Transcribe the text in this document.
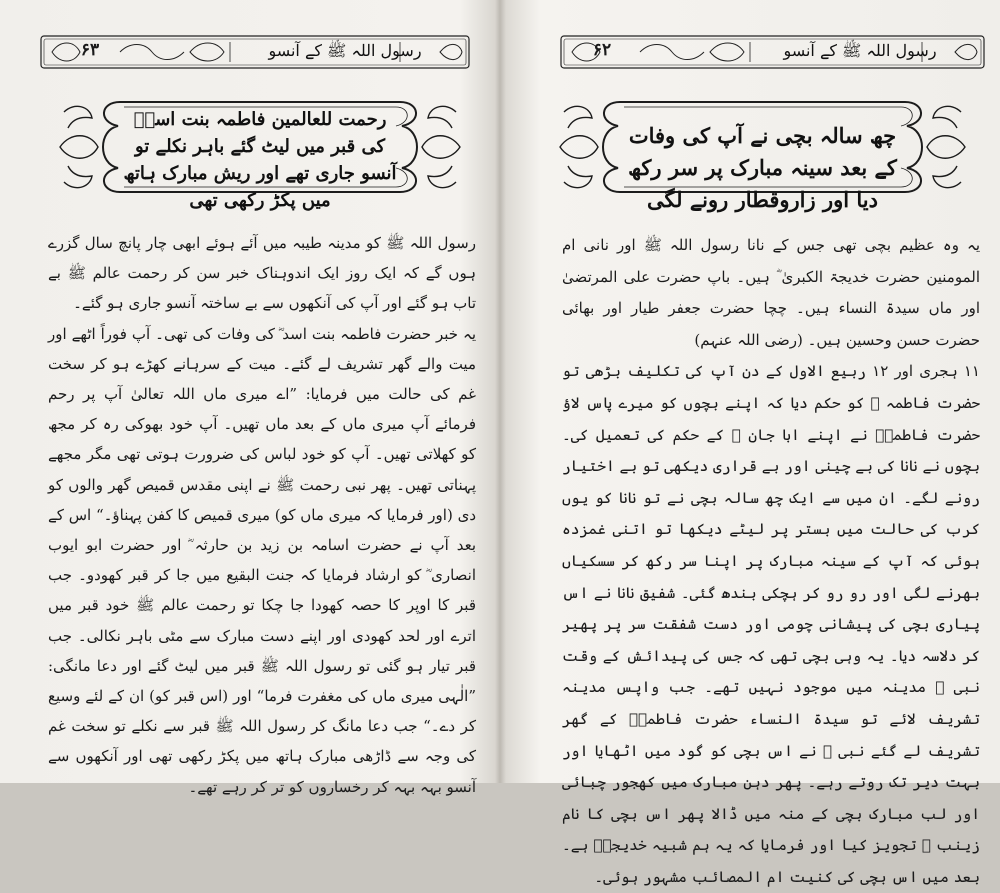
۶۳	رسول اللہ ﷺ کے آنسو
رحمت للعالمین فاطمہ بنت اسدؓ کی قبر میں لیٹ گئے باہر نکلے تو آنسو جاری تھے اور ریش مبارک ہاتھ میں پکڑ رکھی تھی

رسول اللہ ﷺ کو مدینہ طیبہ میں آئے ہوئے ابھی چار پانچ سال گزرے ہوں گے کہ ایک روز ایک اندوہناک خبر سن کر رحمت عالم ﷺ بے تاب ہو گئے اور آپ کی آنکھوں سے بے ساختہ آنسو جاری ہو گئے۔

یہ خبر حضرت فاطمہ بنت اسد ؓ کی وفات کی تھی۔ آپ فوراً اٹھے اور میت والے گھر تشریف لے گئے۔ میت کے سرہانے کھڑے ہو کر سخت غم کی حالت میں فرمایا: ”اے میری ماں اللہ تعالیٰ آپ پر رحم فرمائے آپ میری ماں کے بعد ماں تھیں۔ آپ خود بھوکی رہ کر مجھ کو کھلاتی تھیں۔ آپ کو خود لباس کی ضرورت ہوتی تھی مگر مجھے پہناتی تھیں۔ پھر نبی رحمت ﷺ نے اپنی مقدس قمیص گھر والوں کو دی (اور فرمایا کہ میری ماں کو) میری قمیص کا کفن پہناؤ۔“ اس کے بعد آپ نے حضرت اسامہ بن زید بن حارثہ ؓ اور حضرت ابو ایوب انصاری ؓ کو ارشاد فرمایا کہ جنت البقیع میں جا کر قبر کھودو۔ جب قبر کا اوپر کا حصہ کھودا جا چکا تو رحمت عالم ﷺ خود قبر میں اترے اور لحد کھودی اور اپنے دست مبارک سے مٹی باہر نکالی۔ جب قبر تیار ہو گئی تو رسول اللہ ﷺ قبر میں لیٹ گئے اور دعا مانگی: ”الٰہی میری ماں کی مغفرت فرما“ اور (اس قبر کو) ان کے لئے وسیع کر دے۔“ جب دعا مانگ کر رسول اللہ ﷺ قبر سے نکلے تو سخت غم کی وجہ سے ڈاڑھی مبارک ہاتھ میں پکڑ رکھی تھی اور آنکھوں سے آنسو بہہ بہہ کر رخساروں کو تر کر رہے تھے۔

۶۲	رسول اللہ ﷺ کے آنسو
چھ سالہ بچی نے آپ کی وفات کے بعد سینہ مبارک پر سر رکھ دیا اور زاروقطار رونے لگی

یہ وہ عظیم بچی تھی جس کے نانا رسول اللہ ﷺ اور نانی ام المومنین حضرت خدیجۃ الکبریٰ ؓ ہیں۔ باپ حضرت علی المرتضیٰ اور ماں سیدۃ النساء ہیں۔ چچا حضرت جعفر طیار اور بھائی حضرت حسن وحسین ہیں۔ (رضی اللہ عنہم)

۱۱ ہجری اور ۱۲ ربیع الاول کے دن آپ کی تکلیف بڑھی تو حضرت فاطمہ ؓ کو حکم دیا کہ اپنے بچوں کو میرے پاس لاؤ حضرت فاطمہؓ نے اپنے ابا جان ﷺ کے حکم کی تعمیل کی۔ بچوں نے نانا کی بے چینی اور بے قراری دیکھی تو بے اختیار رونے لگے۔ ان میں سے ایک چھ سالہ بچی نے تو نانا کو یوں کرب کی حالت میں بستر پر لیٹے دیکھا تو اتنی غمزدہ ہوئی کہ آپ کے سینہ مبارک پر اپنا سر رکھ کر سسکیاں بھرنے لگی اور رو رو کر ہچکی بندھ گئی۔ شفیق نانا نے اس پیاری بچی کی پیشانی چومی اور دست شفقت سر پر پھیر کر دلاسہ دیا۔ یہ وہی بچی تھی کہ جس کی پیدائش کے وقت نبی ﷺ مدینہ میں موجود نہیں تھے۔ جب واپس مدینہ تشریف لائے تو سیدۃ النساء حضرت فاطمہؓ کے گھر تشریف لے گئے نبی ﷺ نے اس بچی کو گود میں اٹھایا اور بہت دیر تک روتے رہے۔ پھر دہن مبارک میں کھجور چبائی اور لب مبارک بچی کے منہ میں ڈالا پھر اس بچی کا نام زینب ؓ تجویز کیا اور فرمایا کہ یہ ہم شبیہ خدیجہؓ ہے۔ بعد میں اس بچی کی کنیت ام المصائب مشہور ہوئی۔
